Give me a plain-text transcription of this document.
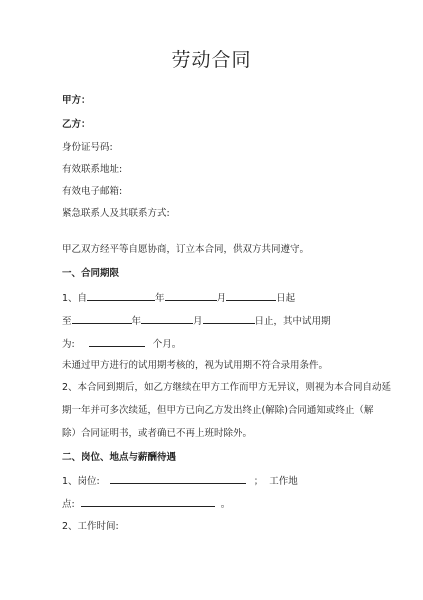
劳动合同
甲方：
乙方：
身份证号码:
有效联系地址:
有效电子邮箱:
紧急联系人及其联系方式:
甲乙双方经平等自愿协商，订立本合同，供双方共同遵守。
一、合同期限
1、自	年	月	日起
至	年	月	日止，其中试用期
为:	个月。
未通过甲方进行的试用期考核的，视为试用期不符合录用条件。
2、本合同到期后，如乙方继续在甲方工作而甲方无异议，则视为本合同自动延
期一年并可多次续延，但甲方已向乙方发出终止(解除)合同通知或终止（解
除）合同证明书，或者确已不再上班时除外。
二、岗位、地点与薪酬待遇
1、岗位:	； 工作地
点:	。
2、工作时间:
